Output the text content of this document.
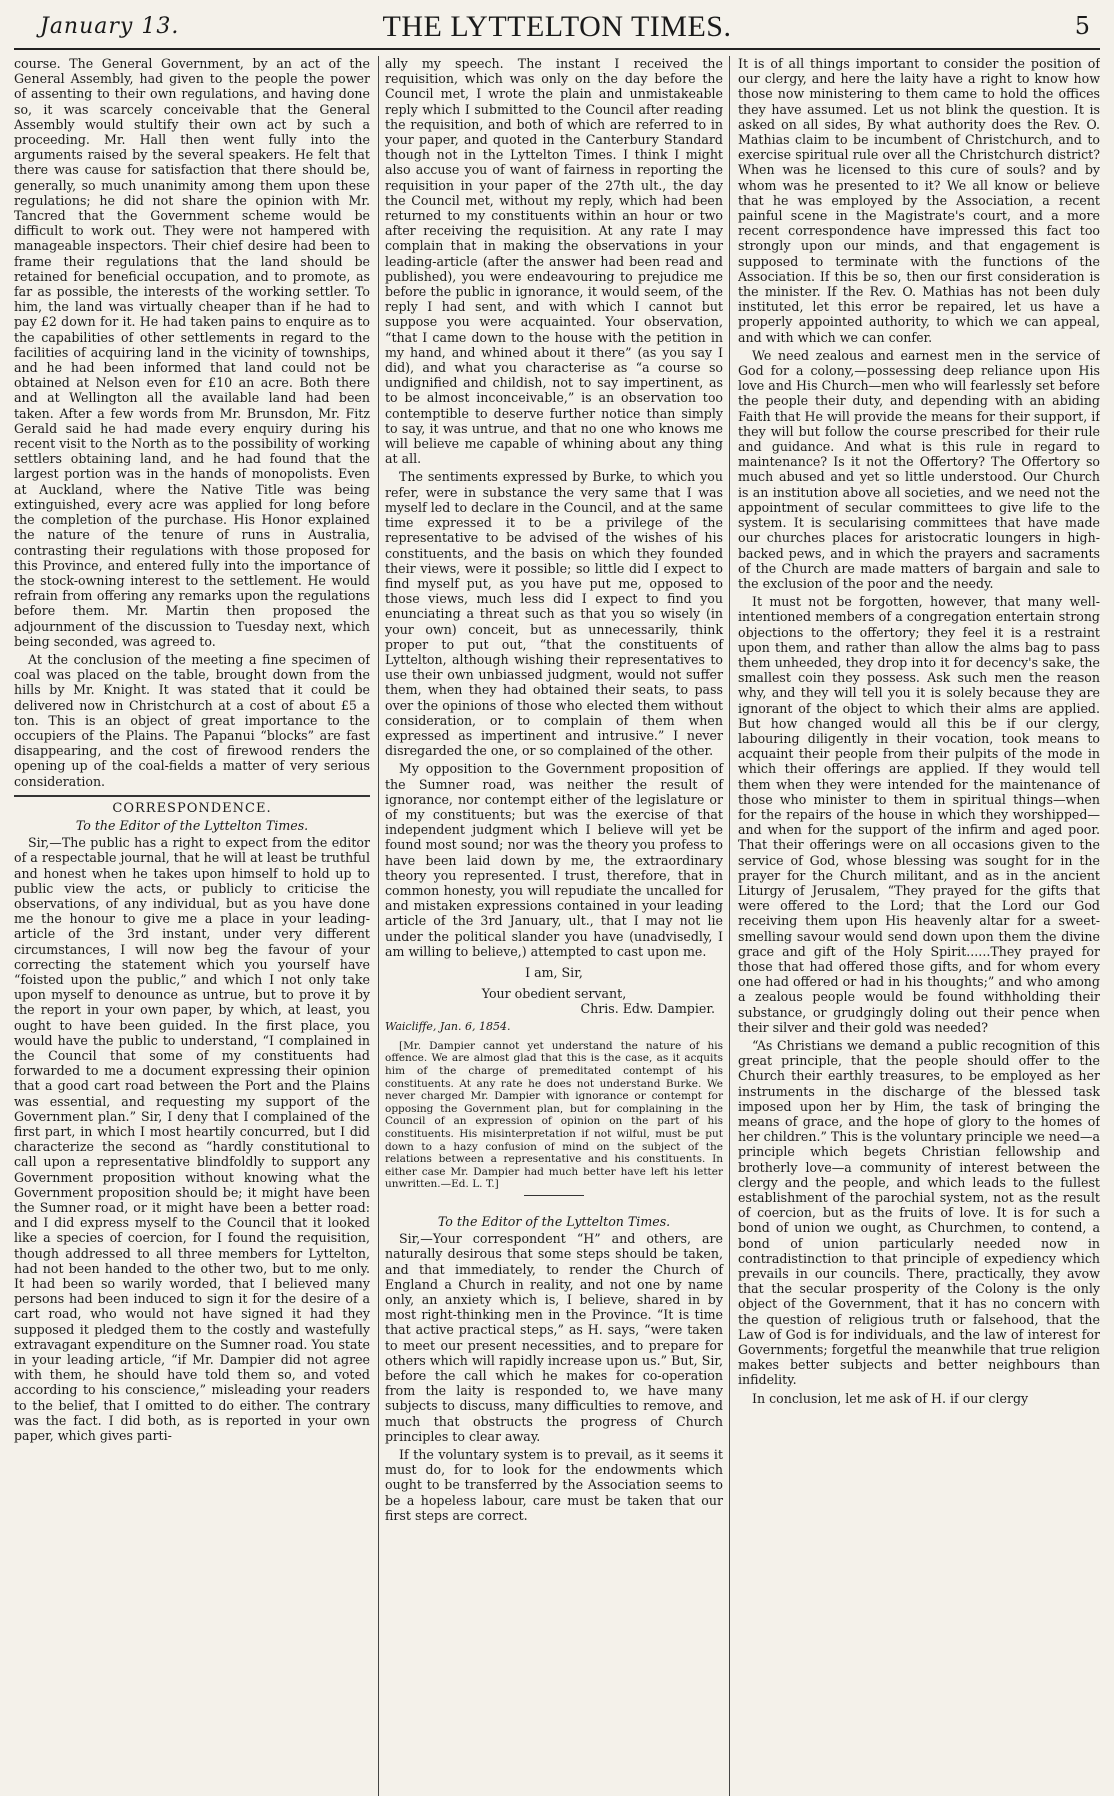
January 13.	THE LYTTELTON TIMES.	5

course. The General Government, by an act of the General Assembly, had given to the people the power of assenting to their own regulations, and having done so, it was scarcely conceivable that the General Assembly would stultify their own act by such a proceeding. Mr. Hall then went fully into the arguments raised by the several speakers. He felt that there was cause for satisfaction that there should be, generally, so much unanimity among them upon these regulations; he did not share the opinion with Mr. Tancred that the Government scheme would be difficult to work out. They were not hampered with manageable inspectors. Their chief desire had been to frame their regulations that the land should be retained for beneficial occupation, and to promote, as far as possible, the interests of the working settler. To him, the land was virtually cheaper than if he had to pay £2 down for it. He had taken pains to enquire as to the capabilities of other settlements in regard to the facilities of acquiring land in the vicinity of townships, and he had been informed that land could not be obtained at Nelson even for £10 an acre. Both there and at Wellington all the available land had been taken. After a few words from Mr. Brunsdon, Mr. Fitz Gerald said he had made every enquiry during his recent visit to the North as to the possibility of working settlers obtaining land, and he had found that the largest portion was in the hands of monopolists. Even at Auckland, where the Native Title was being extinguished, every acre was applied for long before the completion of the purchase. His Honor explained the nature of the tenure of runs in Australia, contrasting their regulations with those proposed for this Province, and entered fully into the importance of the stock-owning interest to the settlement. He would refrain from offering any remarks upon the regulations before them. Mr. Martin then proposed the adjournment of the discussion to Tuesday next, which being seconded, was agreed to.

At the conclusion of the meeting a fine specimen of coal was placed on the table, brought down from the hills by Mr. Knight. It was stated that it could be delivered now in Christchurch at a cost of about £5 a ton. This is an object of great importance to the occupiers of the Plains. The Papanui “blocks” are fast disappearing, and the cost of firewood renders the opening up of the coal-fields a matter of very serious consideration.

CORRESPONDENCE.
To the Editor of the Lyttelton Times.

Sir,—The public has a right to expect from the editor of a respectable journal, that he will at least be truthful and honest when he takes upon himself to hold up to public view the acts, or publicly to criticise the observations, of any individual, but as you have done me the honour to give me a place in your leading-article of the 3rd instant, under very different circumstances, I will now beg the favour of your correcting the statement which you yourself have “foisted upon the public,” and which I not only take upon myself to denounce as untrue, but to prove it by the report in your own paper, by which, at least, you ought to have been guided. In the first place, you would have the public to understand, “I complained in the Council that some of my constituents had forwarded to me a document expressing their opinion that a good cart road between the Port and the Plains was essential, and requesting my support of the Government plan.” Sir, I deny that I complained of the first part, in which I most heartily concurred, but I did characterize the second as “hardly constitutional to call upon a representative blindfoldly to support any Government proposition without knowing what the Government proposition should be; it might have been the Sumner road, or it might have been a better road: and I did express myself to the Council that it looked like a species of coercion, for I found the requisition, though addressed to all three members for Lyttelton, had not been handed to the other two, but to me only. It had been so warily worded, that I believed many persons had been induced to sign it for the desire of a cart road, who would not have signed it had they supposed it pledged them to the costly and wastefully extravagant expenditure on the Sumner road. You state in your leading article, “if Mr. Dampier did not agree with them, he should have told them so, and voted according to his conscience,” misleading your readers to the belief, that I omitted to do either. The contrary was the fact. I did both, as is reported in your own paper, which gives parti-

ally my speech. The instant I received the requisition, which was only on the day before the Council met, I wrote the plain and unmistakeable reply which I submitted to the Council after reading the requisition, and both of which are referred to in your paper, and quoted in the Canterbury Standard though not in the Lyttelton Times. I think I might also accuse you of want of fairness in reporting the requisition in your paper of the 27th ult., the day the Council met, without my reply, which had been returned to my constituents within an hour or two after receiving the requisition. At any rate I may complain that in making the observations in your leading-article (after the answer had been read and published), you were endeavouring to prejudice me before the public in ignorance, it would seem, of the reply I had sent, and with which I cannot but suppose you were acquainted. Your observation, “that I came down to the house with the petition in my hand, and whined about it there” (as you say I did), and what you characterise as “a course so undignified and childish, not to say impertinent, as to be almost inconceivable,” is an observation too contemptible to deserve further notice than simply to say, it was untrue, and that no one who knows me will believe me capable of whining about any thing at all.

The sentiments expressed by Burke, to which you refer, were in substance the very same that I was myself led to declare in the Council, and at the same time expressed it to be a privilege of the representative to be advised of the wishes of his constituents, and the basis on which they founded their views, were it possible; so little did I expect to find myself put, as you have put me, opposed to those views, much less did I expect to find you enunciating a threat such as that you so wisely (in your own) conceit, but as unnecessarily, think proper to put out, “that the constituents of Lyttelton, although wishing their representatives to use their own unbiassed judgment, would not suffer them, when they had obtained their seats, to pass over the opinions of those who elected them without consideration, or to complain of them when expressed as impertinent and intrusive.” I never disregarded the one, or so complained of the other.

My opposition to the Government proposition of the Sumner road, was neither the result of ignorance, nor contempt either of the legislature or of my constituents; but was the exercise of that independent judgment which I believe will yet be found most sound; nor was the theory you profess to have been laid down by me, the extraordinary theory you represented. I trust, therefore, that in common honesty, you will repudiate the uncalled for and mistaken expressions contained in your leading article of the 3rd January, ult., that I may not lie under the political slander you have (unadvisedly, I am willing to believe,) attempted to cast upon me.

I am, Sir,
Your obedient servant,
Chris. Edw. Dampier.
Waicliffe, Jan. 6, 1854.

[Mr. Dampier cannot yet understand the nature of his offence. We are almost glad that this is the case, as it acquits him of the charge of premeditated contempt of his constituents. At any rate he does not understand Burke. We never charged Mr. Dampier with ignorance or contempt for opposing the Government plan, but for complaining in the Council of an expression of opinion on the part of his constituents. His misinterpretation if not wilful, must be put down to a hazy confusion of mind on the subject of the relations between a representative and his constituents. In either case Mr. Dampier had much better have left his letter unwritten.—Ed. L. T.]

To the Editor of the Lyttelton Times.

Sir,—Your correspondent “H” and others, are naturally desirous that some steps should be taken, and that immediately, to render the Church of England a Church in reality, and not one by name only, an anxiety which is, I believe, shared in by most right-thinking men in the Province. “It is time that active practical steps,” as H. says, “were taken to meet our present necessities, and to prepare for others which will rapidly increase upon us.” But, Sir, before the call which he makes for co-operation from the laity is responded to, we have many subjects to discuss, many difficulties to remove, and much that obstructs the progress of Church principles to clear away.

If the voluntary system is to prevail, as it seems it must do, for to look for the endowments which ought to be transferred by the Association seems to be a hopeless labour, care must be taken that our first steps are correct.

It is of all things important to consider the position of our clergy, and here the laity have a right to know how those now ministering to them came to hold the offices they have assumed. Let us not blink the question. It is asked on all sides, By what authority does the Rev. O. Mathias claim to be incumbent of Christchurch, and to exercise spiritual rule over all the Christchurch district? When was he licensed to this cure of souls? and by whom was he presented to it? We all know or believe that he was employed by the Association, a recent painful scene in the Magistrate's court, and a more recent correspondence have impressed this fact too strongly upon our minds, and that engagement is supposed to terminate with the functions of the Association. If this be so, then our first consideration is the minister. If the Rev. O. Mathias has not been duly instituted, let this error be repaired, let us have a properly appointed authority, to which we can appeal, and with which we can confer.

We need zealous and earnest men in the service of God for a colony,—possessing deep reliance upon His love and His Church—men who will fearlessly set before the people their duty, and depending with an abiding Faith that He will provide the means for their support, if they will but follow the course prescribed for their rule and guidance. And what is this rule in regard to maintenance? Is it not the Offertory? The Offertory so much abused and yet so little understood. Our Church is an institution above all societies, and we need not the appointment of secular committees to give life to the system. It is secularising committees that have made our churches places for aristocratic loungers in high-backed pews, and in which the prayers and sacraments of the Church are made matters of bargain and sale to the exclusion of the poor and the needy.

It must not be forgotten, however, that many well-intentioned members of a congregation entertain strong objections to the offertory; they feel it is a restraint upon them, and rather than allow the alms bag to pass them unheeded, they drop into it for decency's sake, the smallest coin they possess. Ask such men the reason why, and they will tell you it is solely because they are ignorant of the object to which their alms are applied. But how changed would all this be if our clergy, labouring diligently in their vocation, took means to acquaint their people from their pulpits of the mode in which their offerings are applied. If they would tell them when they were intended for the maintenance of those who minister to them in spiritual things—when for the repairs of the house in which they worshipped—and when for the support of the infirm and aged poor. That their offerings were on all occasions given to the service of God, whose blessing was sought for in the prayer for the Church militant, and as in the ancient Liturgy of Jerusalem, “They prayed for the gifts that were offered to the Lord; that the Lord our God receiving them upon His heavenly altar for a sweet-smelling savour would send down upon them the divine grace and gift of the Holy Spirit......They prayed for those that had offered those gifts, and for whom every one had offered or had in his thoughts;” and who among a zealous people would be found withholding their substance, or grudgingly doling out their pence when their silver and their gold was needed?

“As Christians we demand a public recognition of this great principle, that the people should offer to the Church their earthly treasures, to be employed as her instruments in the discharge of the blessed task imposed upon her by Him, the task of bringing the means of grace, and the hope of glory to the homes of her children.” This is the voluntary principle we need—a principle which begets Christian fellowship and brotherly love—a community of interest between the clergy and the people, and which leads to the fullest establishment of the parochial system, not as the result of coercion, but as the fruits of love. It is for such a bond of union we ought, as Churchmen, to contend, a bond of union particularly needed now in contradistinction to that principle of expediency which prevails in our councils. There, practically, they avow that the secular prosperity of the Colony is the only object of the Government, that it has no concern with the question of religious truth or falsehood, that the Law of God is for individuals, and the law of interest for Governments; forgetful the meanwhile that true religion makes better subjects and better neighbours than infidelity.

In conclusion, let me ask of H. if our clergy
